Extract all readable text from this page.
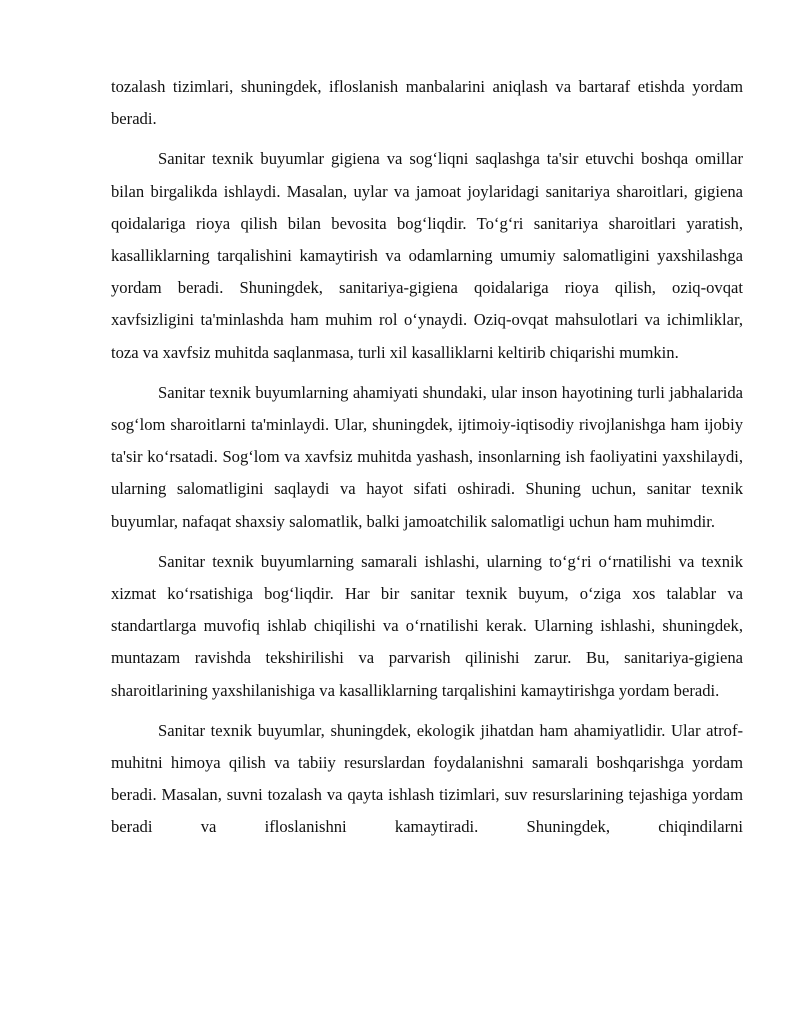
tozalash tizimlari, shuningdek, ifloslanish manbalarini aniqlash va bartaraf etishda yordam beradi.

Sanitar texnik buyumlar gigiena va sog‘liqni saqlashga ta'sir etuvchi boshqa omillar bilan birgalikda ishlaydi. Masalan, uylar va jamoat joylaridagi sanitariya sharoitlari, gigiena qoidalariga rioya qilish bilan bevosita bog‘liqdir. To‘g‘ri sanitariya sharoitlari yaratish, kasalliklarning tarqalishini kamaytirish va odamlarning umumiy salomatligini yaxshilashga yordam beradi. Shuningdek, sanitariya-gigiena qoidalariga rioya qilish, oziq-ovqat xavfsizligini ta'minlashda ham muhim rol o‘ynaydi. Oziq-ovqat mahsulotlari va ichimliklar, toza va xavfsiz muhitda saqlanmasa, turli xil kasalliklarni keltirib chiqarishi mumkin.

Sanitar texnik buyumlarning ahamiyati shundaki, ular inson hayotining turli jabhalarida sog‘lom sharoitlarni ta'minlaydi. Ular, shuningdek, ijtimoiy-iqtisodiy rivojlanishga ham ijobiy ta'sir ko‘rsatadi. Sog‘lom va xavfsiz muhitda yashash, insonlarning ish faoliyatini yaxshilaydi, ularning salomatligini saqlaydi va hayot sifati oshiradi. Shuning uchun, sanitar texnik buyumlar, nafaqat shaxsiy salomatlik, balki jamoatchilik salomatligi uchun ham muhimdir.

Sanitar texnik buyumlarning samarali ishlashi, ularning to‘g‘ri o‘rnatilishi va texnik xizmat ko‘rsatishiga bog‘liqdir. Har bir sanitar texnik buyum, o‘ziga xos talablar va standartlarga muvofiq ishlab chiqilishi va o‘rnatilishi kerak. Ularning ishlashi, shuningdek, muntazam ravishda tekshirilishi va parvarish qilinishi zarur. Bu, sanitariya-gigiena sharoitlarining yaxshilanishiga va kasalliklarning tarqalishini kamaytirishga yordam beradi.

Sanitar texnik buyumlar, shuningdek, ekologik jihatdan ham ahamiyatlidir. Ular atrof-muhitni himoya qilish va tabiiy resurslardan foydalanishni samarali boshqarishga yordam beradi. Masalan, suvni tozalash va qayta ishlash tizimlari, suv resurslarining tejashiga yordam beradi va ifloslanishni kamaytiradi. Shuningdek, chiqindilarni
